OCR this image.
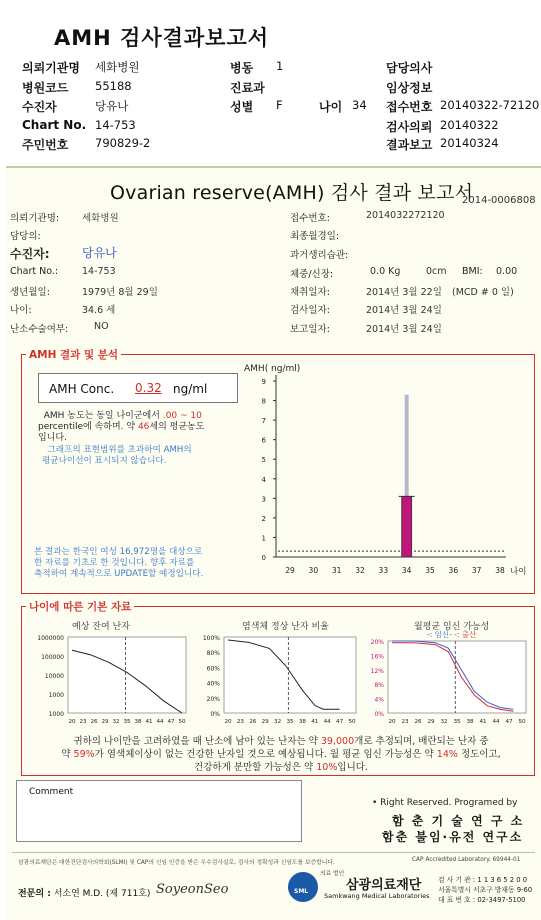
AMH 검사결과보고서
의뢰기관명 세화병원
병원코드 55188
수진자	당유나
Chart No. 14-753
주민번호 790829-2
병동 1
진료과
성별 F	나이 34
담당의사
임상정보
접수번호 20140322-72120
검사의뢰 20140322
결과보고 20140324
Ovarian reserve(AMH) 검사 결과 보고서
2014-0006808
의뢰기관명: 세화병원
담당의:
수진자:	당유나
Chart No.:	14-753
생년월일:	1979년 8월 29일
나이:	34.6 세
난소수술여부:	NO
접수번호:	2014032272120
최종월경일:
과거생리습관:
체중/신장:	0.0 Kg	0cm BMI: 0.00
채취일자:	2014년 3월 22일 (MCD # 0 일)
검사일자:	2014년 3월 24일
보고일자:	2014년 3월 24일
AMH Conc. 0.32 ng/ml
AMH 농도는 동일 나이군에서 .00 ~ 10
percentile에 속하며. 약 46세의 평균농도
입니다.
그래프의 표현범위를 초과하여 AMH의
평균나이선이 표시되지 않습니다.
본 결과는 한국인 여성 16,972명을 대상으로
한 자료를 기초로 한 것입니다. 향후 자료를
축적하여 계속적으로 UPDATE할 예정입니다.
AMH( ng/ml)
0
1
2
3
4
5
6
7
8
9
29 30 31 32 33 34 35 36 37 38 나이
AMH 결과 및 분석
예상 잔여 난자	염색체 정상 난자 비율	월평균 임신 가능성
-: 임신- -: 출산
1000000
100000
10000
1000
1000
20 23 26 29 32 35 38 41 44 47 50
100%
80%
60%
40%
20%
0%
20 23 26 29 32 35 38 41 44 47 50
20%
16%
12%
8%
4%
0%
20 23 26 29 32 35 38 41 44 47 50
귀하의 나이만을 고려하였을 때 난소에 남아 있는 난자는 약 39,000개로 추정되며, 배란되는 난자 중
약 59%가 염색체이상이 없는 건강한 난자일 것으로 예상됩니다. 월 평균 임신 가능성은 약 14% 정도이고,
건강하게 분만할 가능성은 약 10%입니다.
나이에 따른 기본 자료
Comment
• Right Reserved. Programed by
함 춘 기 술 연 구 소
함춘 불임·유전 연구소
삼광의료재단은 대한진단검사의학회(SLMI) 및 CAP의 신임 인증을 받은 우수검사실로, 검사의 정확성과 신임도를 보증합니다.	CAP Accredited Laboratory. 69944-01
전문의 : 서소연 M.D. (제 711호) SoyeonSeo	SML
의료 법인
삼광의료재단
Samkwang Medical Laboratories
검 사 기 관 : 1 1 3 6 5 2 0 0
서울특별시 서초구 방재동 9-60
대 표 번 호 : 02-3497-5100
